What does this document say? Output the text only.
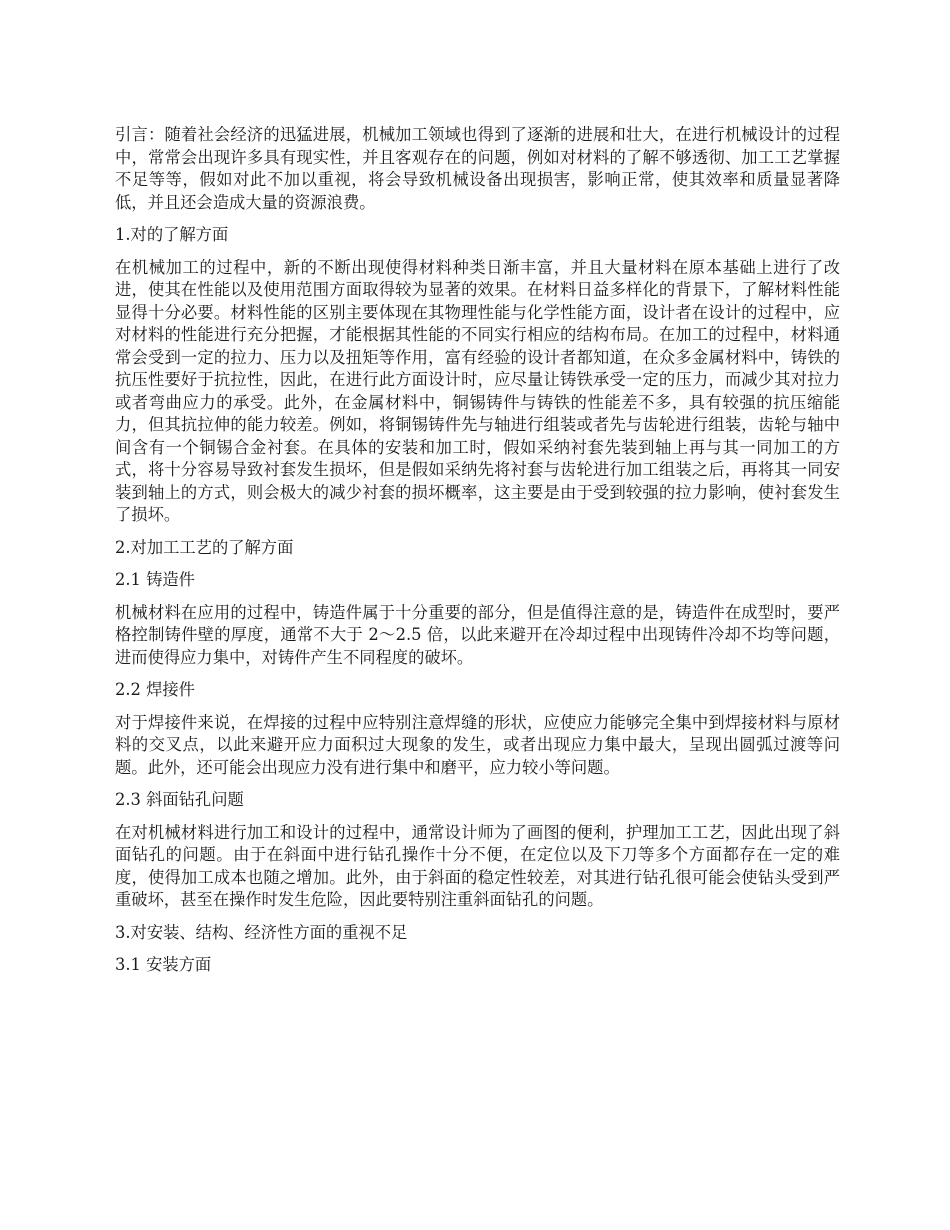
引言：随着社会经济的迅猛进展，机械加工领域也得到了逐渐的进展和壮大，在进行机械设计的过程中，常常会出现许多具有现实性，并且客观存在的问题，例如对材料的了解不够透彻、加工工艺掌握不足等等，假如对此不加以重视，将会导致机械设备出现损害，影响正常，使其效率和质量显著降低，并且还会造成大量的资源浪费。

1.对的了解方面

在机械加工的过程中，新的不断出现使得材料种类日渐丰富，并且大量材料在原本基础上进行了改进，使其在性能以及使用范围方面取得较为显著的效果。在材料日益多样化的背景下，了解材料性能显得十分必要。材料性能的区别主要体现在其物理性能与化学性能方面，设计者在设计的过程中，应对材料的性能进行充分把握，才能根据其性能的不同实行相应的结构布局。在加工的过程中，材料通常会受到一定的拉力、压力以及扭矩等作用，富有经验的设计者都知道，在众多金属材料中，铸铁的抗压性要好于抗拉性，因此，在进行此方面设计时，应尽量让铸铁承受一定的压力，而减少其对拉力或者弯曲应力的承受。此外，在金属材料中，铜锡铸件与铸铁的性能差不多，具有较强的抗压缩能力，但其抗拉伸的能力较差。例如，将铜锡铸件先与轴进行组装或者先与齿轮进行组装，齿轮与轴中间含有一个铜锡合金衬套。在具体的安装和加工时，假如采纳衬套先装到轴上再与其一同加工的方式，将十分容易导致衬套发生损坏，但是假如采纳先将衬套与齿轮进行加工组装之后，再将其一同安装到轴上的方式，则会极大的减少衬套的损坏概率，这主要是由于受到较强的拉力影响，使衬套发生了损坏。

2.对加工工艺的了解方面

2.1 铸造件

机械材料在应用的过程中，铸造件属于十分重要的部分，但是值得注意的是，铸造件在成型时，要严格控制铸件壁的厚度，通常不大于 2～2.5 倍，以此来避开在冷却过程中出现铸件冷却不均等问题，进而使得应力集中，对铸件产生不同程度的破坏。

2.2 焊接件

对于焊接件来说，在焊接的过程中应特别注意焊缝的形状，应使应力能够完全集中到焊接材料与原材料的交叉点，以此来避开应力面积过大现象的发生，或者出现应力集中最大，呈现出圆弧过渡等问题。此外，还可能会出现应力没有进行集中和磨平，应力较小等问题。

2.3 斜面钻孔问题

在对机械材料进行加工和设计的过程中，通常设计师为了画图的便利，护理加工工艺，因此出现了斜面钻孔的问题。由于在斜面中进行钻孔操作十分不便，在定位以及下刀等多个方面都存在一定的难度，使得加工成本也随之增加。此外，由于斜面的稳定性较差，对其进行钻孔很可能会使钻头受到严重破坏，甚至在操作时发生危险，因此要特别注重斜面钻孔的问题。

3.对安装、结构、经济性方面的重视不足

3.1 安装方面
